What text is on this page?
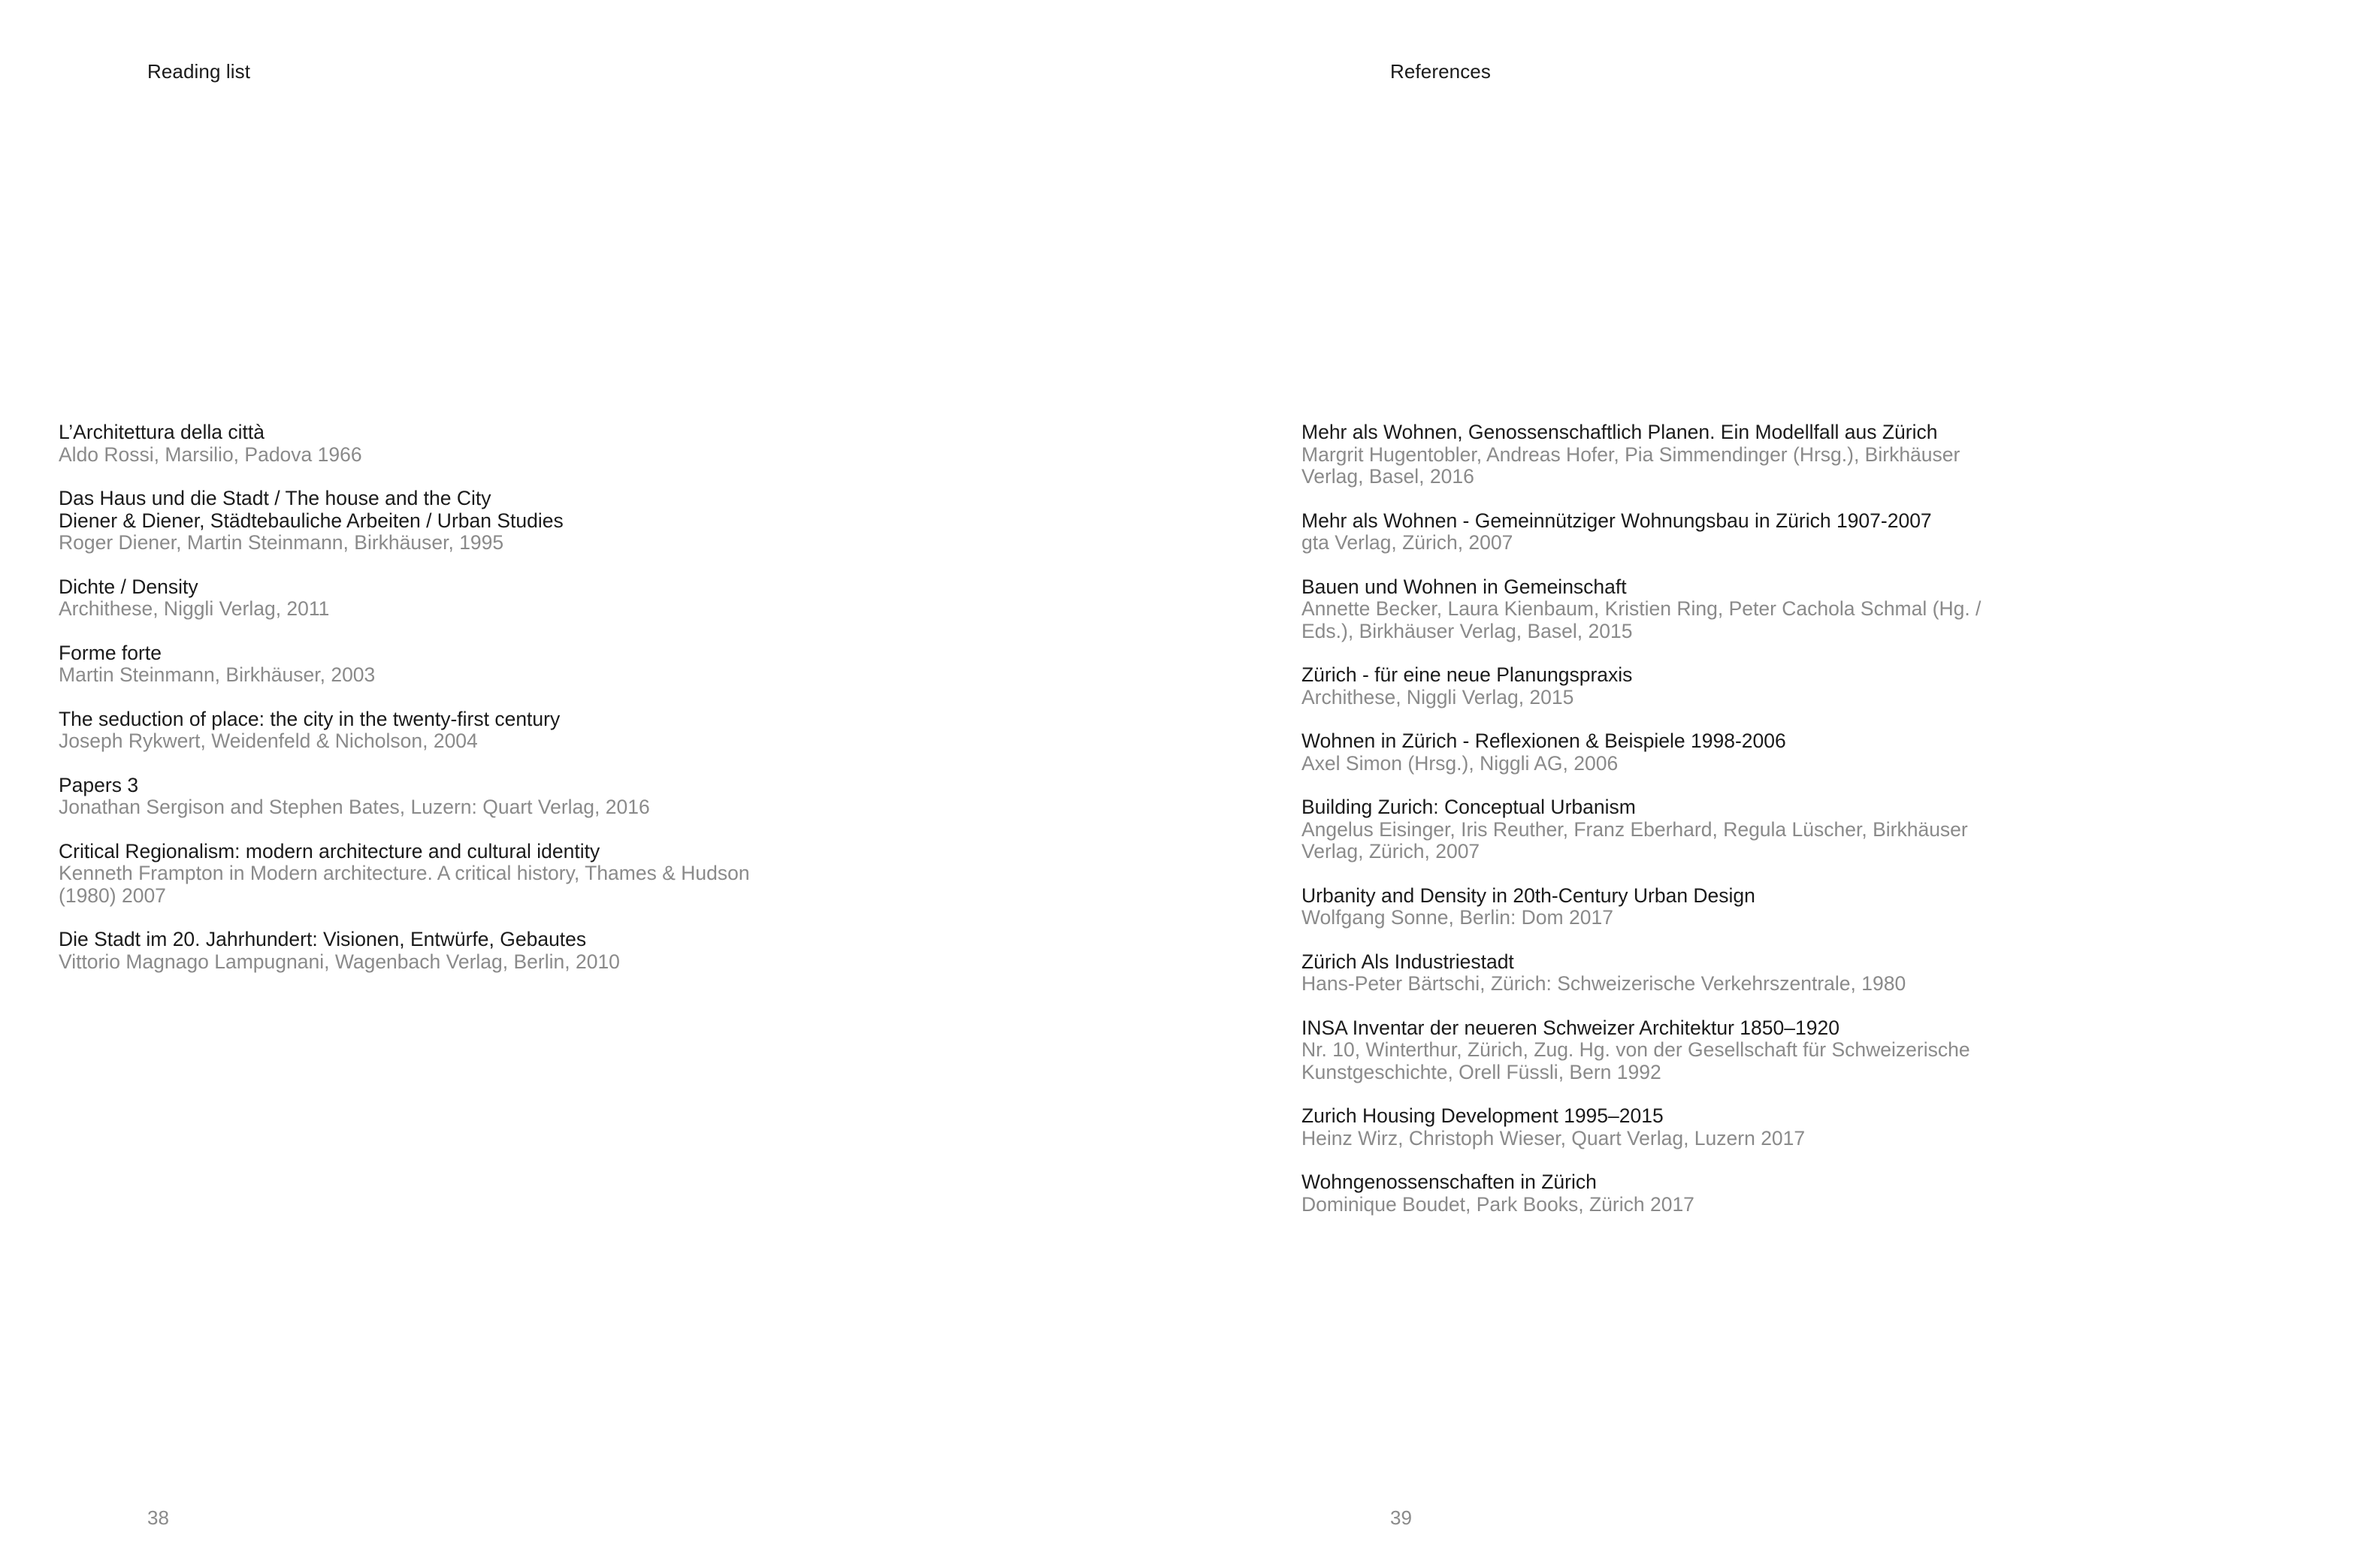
Reading list
L’Architettura della città
Aldo Rossi, Marsilio, Padova 1966
Das Haus und die Stadt / The house and the City
Diener & Diener, Städtebauliche Arbeiten / Urban Studies
Roger Diener, Martin Steinmann, Birkhäuser, 1995
Dichte / Density
Archithese, Niggli Verlag, 2011
Forme forte
Martin Steinmann, Birkhäuser, 2003
The seduction of place: the city in the twenty-first century
Joseph Rykwert, Weidenfeld & Nicholson, 2004
Papers 3
Jonathan Sergison and Stephen Bates, Luzern: Quart Verlag, 2016
Critical Regionalism: modern architecture and cultural identity
Kenneth Frampton in Modern architecture. A critical history, Thames & Hudson (1980) 2007
Die Stadt im 20. Jahrhundert: Visionen, Entwürfe, Gebautes
Vittorio Magnago Lampugnani, Wagenbach Verlag, Berlin, 2010
38
References
Mehr als Wohnen, Genossenschaftlich Planen. Ein Modellfall aus Zürich
Margrit Hugentobler, Andreas Hofer, Pia Simmendinger (Hrsg.), Birkhäuser Verlag, Basel, 2016
Mehr als Wohnen - Gemeinnütziger Wohnungsbau in Zürich 1907-2007
gta Verlag, Zürich, 2007
Bauen und Wohnen in Gemeinschaft
Annette Becker, Laura Kienbaum, Kristien Ring, Peter Cachola Schmal (Hg. / Eds.), Birkhäuser Verlag, Basel, 2015
Zürich - für eine neue Planungspraxis
Archithese, Niggli Verlag, 2015
Wohnen in Zürich - Reflexionen & Beispiele 1998-2006
Axel Simon (Hrsg.), Niggli AG, 2006
Building Zurich: Conceptual Urbanism
Angelus Eisinger, Iris Reuther, Franz Eberhard, Regula Lüscher, Birkhäuser Verlag, Zürich, 2007
Urbanity and Density in 20th-Century Urban Design
Wolfgang Sonne, Berlin: Dom 2017
Zürich Als Industriestadt
Hans-Peter Bärtschi, Zürich: Schweizerische Verkehrszentrale, 1980
INSA Inventar der neueren Schweizer Architektur 1850–1920
Nr. 10, Winterthur, Zürich, Zug. Hg. von der Gesellschaft für Schweizerische Kunstgeschichte, Orell Füssli, Bern 1992
Zurich Housing Development 1995–2015
Heinz Wirz, Christoph Wieser, Quart Verlag, Luzern 2017
Wohngenossenschaften in Zürich
Dominique Boudet, Park Books, Zürich 2017
39
